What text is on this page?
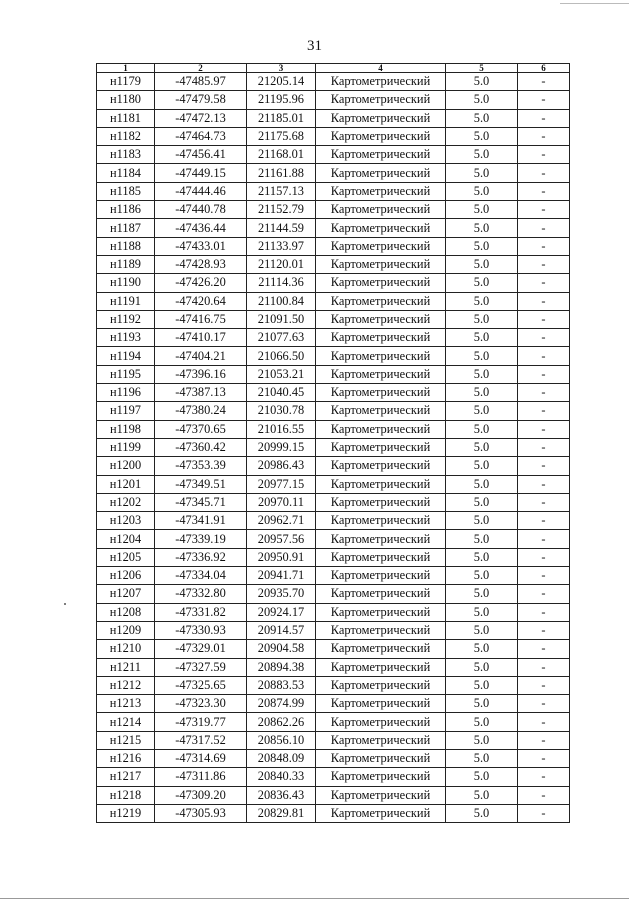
31
1	2	3	4	5	6
н1179	-47485.97	21205.14	Картометрический	5.0	-
н1180	-47479.58	21195.96	Картометрический	5.0	-
н1181	-47472.13	21185.01	Картометрический	5.0	-
н1182	-47464.73	21175.68	Картометрический	5.0	-
н1183	-47456.41	21168.01	Картометрический	5.0	-
н1184	-47449.15	21161.88	Картометрический	5.0	-
н1185	-47444.46	21157.13	Картометрический	5.0	-
н1186	-47440.78	21152.79	Картометрический	5.0	-
н1187	-47436.44	21144.59	Картометрический	5.0	-
н1188	-47433.01	21133.97	Картометрический	5.0	-
н1189	-47428.93	21120.01	Картометрический	5.0	-
н1190	-47426.20	21114.36	Картометрический	5.0	-
н1191	-47420.64	21100.84	Картометрический	5.0	-
н1192	-47416.75	21091.50	Картометрический	5.0	-
н1193	-47410.17	21077.63	Картометрический	5.0	-
н1194	-47404.21	21066.50	Картометрический	5.0	-
н1195	-47396.16	21053.21	Картометрический	5.0	-
н1196	-47387.13	21040.45	Картометрический	5.0	-
н1197	-47380.24	21030.78	Картометрический	5.0	-
н1198	-47370.65	21016.55	Картометрический	5.0	-
н1199	-47360.42	20999.15	Картометрический	5.0	-
н1200	-47353.39	20986.43	Картометрический	5.0	-
н1201	-47349.51	20977.15	Картометрический	5.0	-
н1202	-47345.71	20970.11	Картометрический	5.0	-
н1203	-47341.91	20962.71	Картометрический	5.0	-
н1204	-47339.19	20957.56	Картометрический	5.0	-
н1205	-47336.92	20950.91	Картометрический	5.0	-
н1206	-47334.04	20941.71	Картометрический	5.0	-
н1207	-47332.80	20935.70	Картометрический	5.0	-
н1208	-47331.82	20924.17	Картометрический	5.0	-
н1209	-47330.93	20914.57	Картометрический	5.0	-
н1210	-47329.01	20904.58	Картометрический	5.0	-
н1211	-47327.59	20894.38	Картометрический	5.0	-
н1212	-47325.65	20883.53	Картометрический	5.0	-
н1213	-47323.30	20874.99	Картометрический	5.0	-
н1214	-47319.77	20862.26	Картометрический	5.0	-
н1215	-47317.52	20856.10	Картометрический	5.0	-
н1216	-47314.69	20848.09	Картометрический	5.0	-
н1217	-47311.86	20840.33	Картометрический	5.0	-
н1218	-47309.20	20836.43	Картометрический	5.0	-
н1219	-47305.93	20829.81	Картометрический	5.0	-
